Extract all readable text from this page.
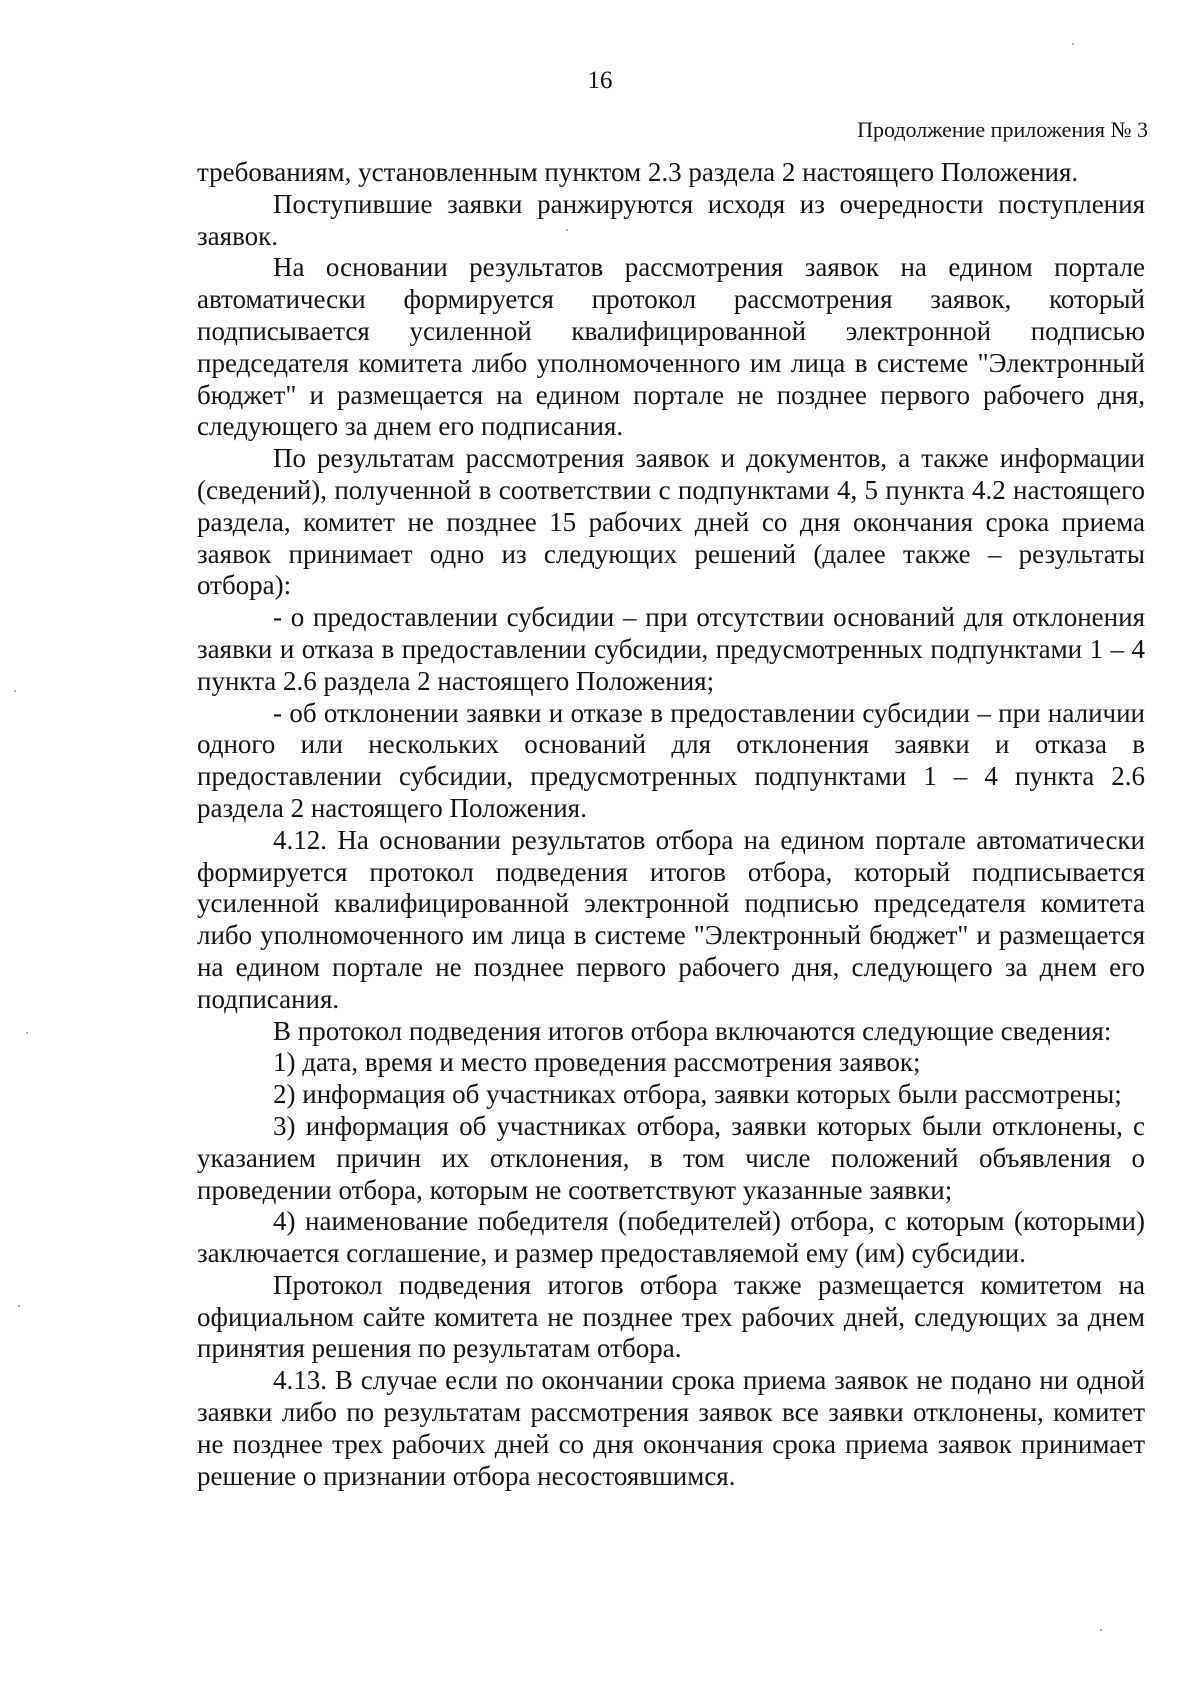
16
Продолжение приложения № 3

требованиям, установленным пунктом 2.3 раздела 2 настоящего Положения.

Поступившие заявки ранжируются исходя из очередности поступления заявок.

На основании результатов рассмотрения заявок на едином портале автоматически формируется протокол рассмотрения заявок, который подписывается усиленной квалифицированной электронной подписью председателя комитета либо уполномоченного им лица в системе "Электронный бюджет" и размещается на едином портале не позднее первого рабочего дня, следующего за днем его подписания.

По результатам рассмотрения заявок и документов, а также информации (сведений), полученной в соответствии с подпунктами 4, 5 пункта 4.2 настоящего раздела, комитет не позднее 15 рабочих дней со дня окончания срока приема заявок принимает одно из следующих решений (далее также – результаты отбора):

- о предоставлении субсидии – при отсутствии оснований для отклонения заявки и отказа в предоставлении субсидии, предусмотренных подпунктами 1 – 4 пункта 2.6 раздела 2 настоящего Положения;

- об отклонении заявки и отказе в предоставлении субсидии – при наличии одного или нескольких оснований для отклонения заявки и отказа в предоставлении субсидии, предусмотренных подпунктами 1 – 4 пункта 2.6 раздела 2 настоящего Положения.

4.12. На основании результатов отбора на едином портале автоматически формируется протокол подведения итогов отбора, который подписывается усиленной квалифицированной электронной подписью председателя комитета либо уполномоченного им лица в системе "Электронный бюджет" и размещается на едином портале не позднее первого рабочего дня, следующего за днем его подписания.

В протокол подведения итогов отбора включаются следующие сведения:

1) дата, время и место проведения рассмотрения заявок;

2) информация об участниках отбора, заявки которых были рассмотрены;

3) информация об участниках отбора, заявки которых были отклонены, с указанием причин их отклонения, в том числе положений объявления о проведении отбора, которым не соответствуют указанные заявки;

4) наименование победителя (победителей) отбора, с которым (которыми) заключается соглашение, и размер предоставляемой ему (им) субсидии.

Протокол подведения итогов отбора также размещается комитетом на официальном сайте комитета не позднее трех рабочих дней, следующих за днем принятия решения по результатам отбора.

4.13. В случае если по окончании срока приема заявок не подано ни одной заявки либо по результатам рассмотрения заявок все заявки отклонены, комитет не позднее трех рабочих дней со дня окончания срока приема заявок принимает решение о признании отбора несостоявшимся.
